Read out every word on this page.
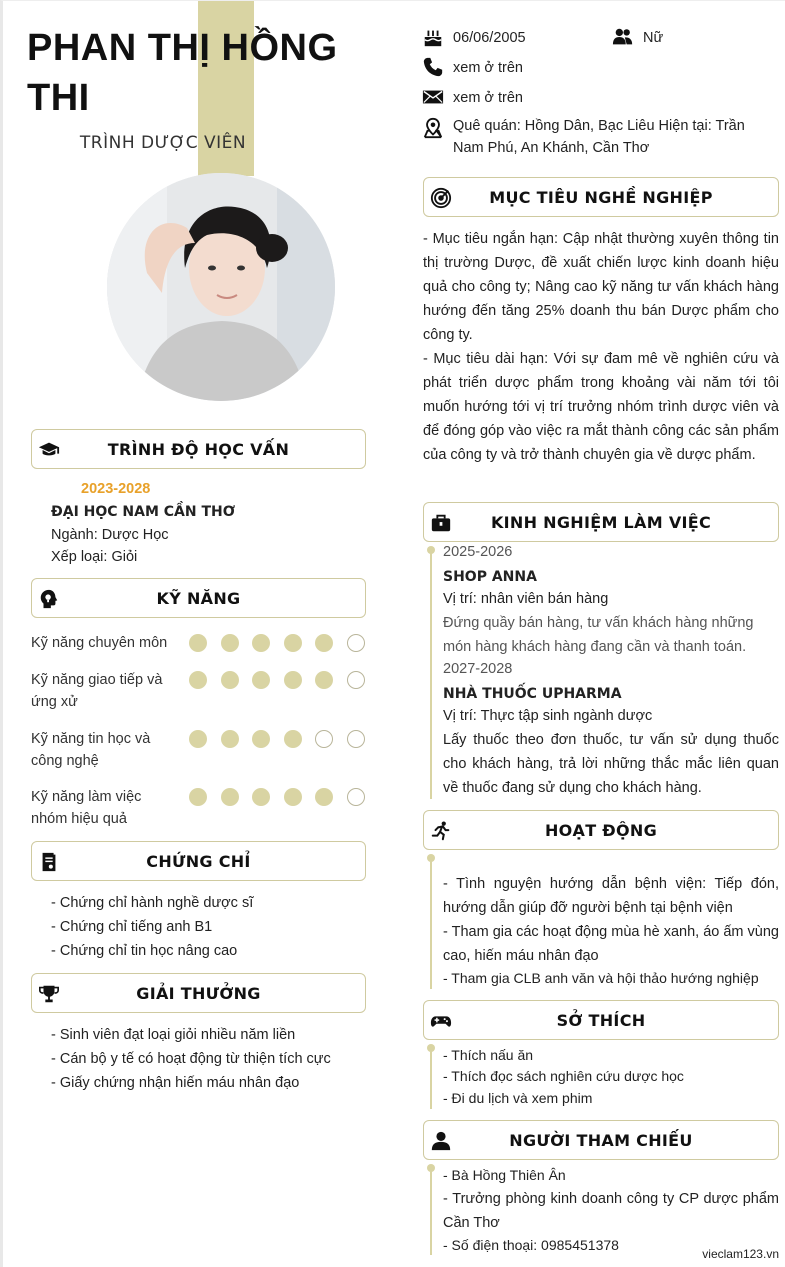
PHAN THỊ HỒNG THI
TRÌNH DƯỢC VIÊN
TRÌNH ĐỘ HỌC VẤN
2023-2028
ĐẠI HỌC NAM CẦN THƠ
Ngành: Dược Học
Xếp loại: Giỏi
KỸ NĂNG
Kỹ năng chuyên môn
Kỹ năng giao tiếp và ứng xử
Kỹ năng tin học và công nghệ
Kỹ năng làm việc nhóm hiệu quả
CHỨNG CHỈ
- Chứng chỉ hành nghề dược sĩ
- Chứng chỉ tiếng anh B1
- Chứng chỉ tin học nâng cao
GIẢI THƯỞNG
- Sinh viên đạt loại giỏi nhiều năm liền
- Cán bộ y tế có hoạt động từ thiện tích cực
- Giấy chứng nhận hiến máu nhân đạo
06/06/2005	Nữ
xem ở trên
xem ở trên
Quê quán: Hồng Dân, Bạc Liêu Hiện tại: Trần Nam Phú, An Khánh, Cần Thơ
MỤC TIÊU NGHỀ NGHIỆP
- Mục tiêu ngắn hạn: Cập nhật thường xuyên thông tin thị trường Dược, đề xuất chiến lược kinh doanh hiệu quả cho công ty; Nâng cao kỹ năng tư vấn khách hàng hướng đến tăng 25% doanh thu bán Dược phẩm cho công ty.
- Mục tiêu dài hạn: Với sự đam mê về nghiên cứu và phát triển dược phẩm trong khoảng vài năm tới tôi muốn hướng tới vị trí trưởng nhóm trình dược viên và để đóng góp vào việc ra mắt thành công các sản phẩm của công ty và trở thành chuyên gia về dược phẩm.
KINH NGHIỆM LÀM VIỆC
2025-2026
SHOP ANNA
Vị trí: nhân viên bán hàng
Đứng quầy bán hàng, tư vấn khách hàng những món hàng khách hàng đang cần và thanh toán.
2027-2028
NHÀ THUỐC UPHARMA
Vị trí: Thực tập sinh ngành dược
Lấy thuốc theo đơn thuốc, tư vấn sử dụng thuốc cho khách hàng, trả lời những thắc mắc liên quan về thuốc đang sử dụng cho khách hàng.
HOẠT ĐỘNG
- Tình nguyện hướng dẫn bệnh viện: Tiếp đón, hướng dẫn giúp đỡ người bệnh tại bệnh viện
- Tham gia các hoạt động mùa hè xanh, áo ấm vùng cao, hiến máu nhân đạo
- Tham gia CLB anh văn và hội thảo hướng nghiệp
SỞ THÍCH
- Thích nấu ăn
- Thích đọc sách nghiên cứu dược học
- Đi du lịch và xem phim
NGƯỜI THAM CHIẾU
- Bà Hồng Thiên Ân
- Trưởng phòng kinh doanh công ty CP dược phẩm Cần Thơ
- Số điện thoại: 0985451378
vieclam123.vn
